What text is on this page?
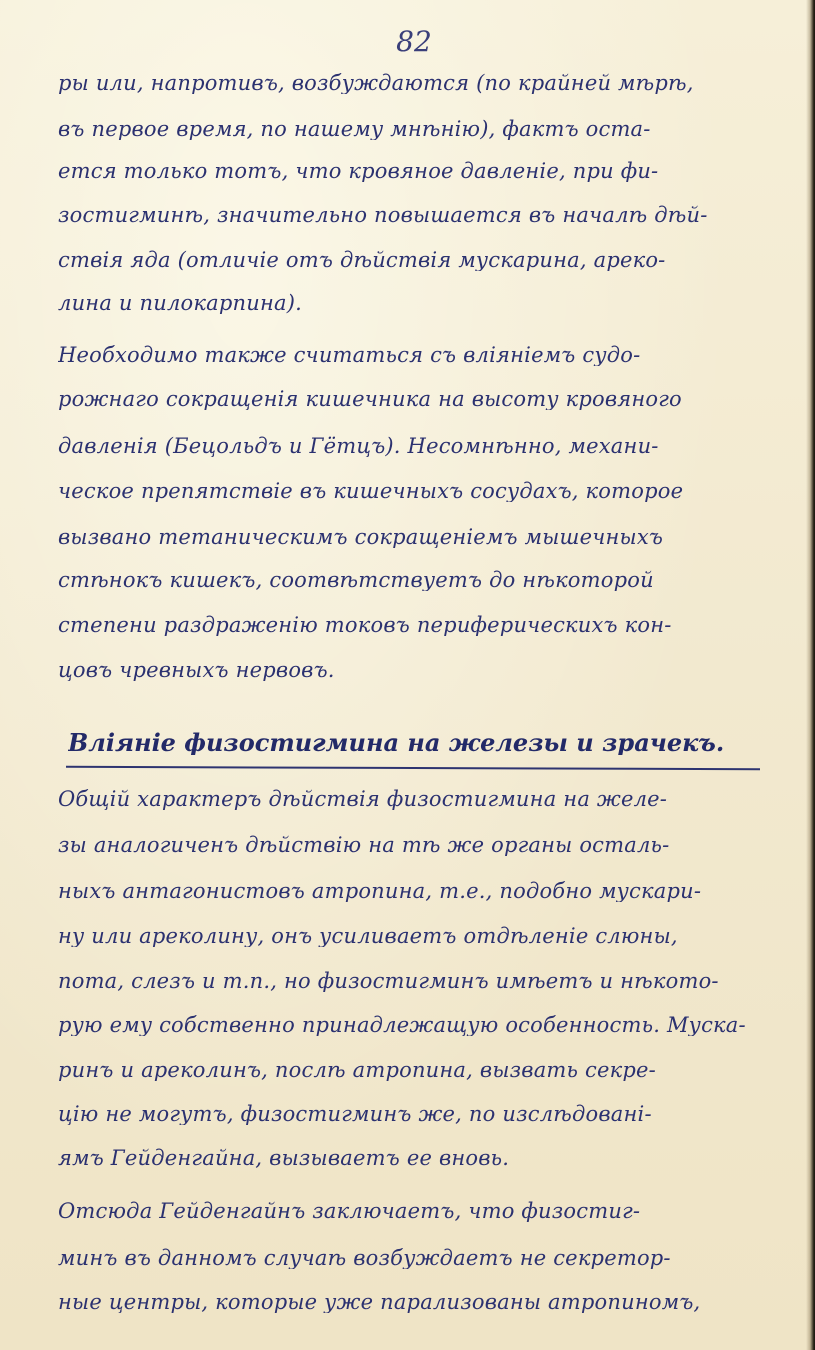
82
ры или, напротивъ, возбуждаются (по крайней мѣрѣ,
въ первое время, по нашему мнѣнію), фактъ оста-
ется только тотъ, что кровяное давленіе, при фи-
зостигминѣ, значительно повышается въ началѣ дѣй-
ствія яда (отличіе отъ дѣйствія мускарина, ареко-
лина и пилокарпина).
Необходимо также считаться съ вліяніемъ судо-
рожнаго сокращенія кишечника на высоту кровяного
давленія (Бецольдъ и Гётцъ). Несомнѣнно, механи-
ческое препятствіе въ кишечныхъ сосудахъ, которое
вызвано тетаническимъ сокращеніемъ мышечныхъ
стѣнокъ кишекъ, соотвѣтствуетъ до нѣкоторой
степени раздраженію токовъ периферическихъ кон-
цовъ чревныхъ нервовъ.
Вліяніе физостигмина на железы и зрачекъ.
Общій характеръ дѣйствія физостигмина на желе-
зы аналогиченъ дѣйствію на тѣ же органы осталь-
ныхъ антагонистовъ атропина, т.е., подобно мускари-
ну или ареколину, онъ усиливаетъ отдѣленіе слюны,
пота, слезъ и т.п., но физостигминъ имѣетъ и нѣкото-
рую ему собственно принадлежащую особенность. Муска-
ринъ и ареколинъ, послѣ атропина, вызвать секре-
цію не могутъ, физостигминъ же, по изслѣдовані-
ямъ Гейденгайна, вызываетъ ее вновь.
Отсюда Гейденгайнъ заключаетъ, что физостиг-
минъ въ данномъ случаѣ возбуждаетъ не секретор-
ные центры, которые уже парализованы атропиномъ,
